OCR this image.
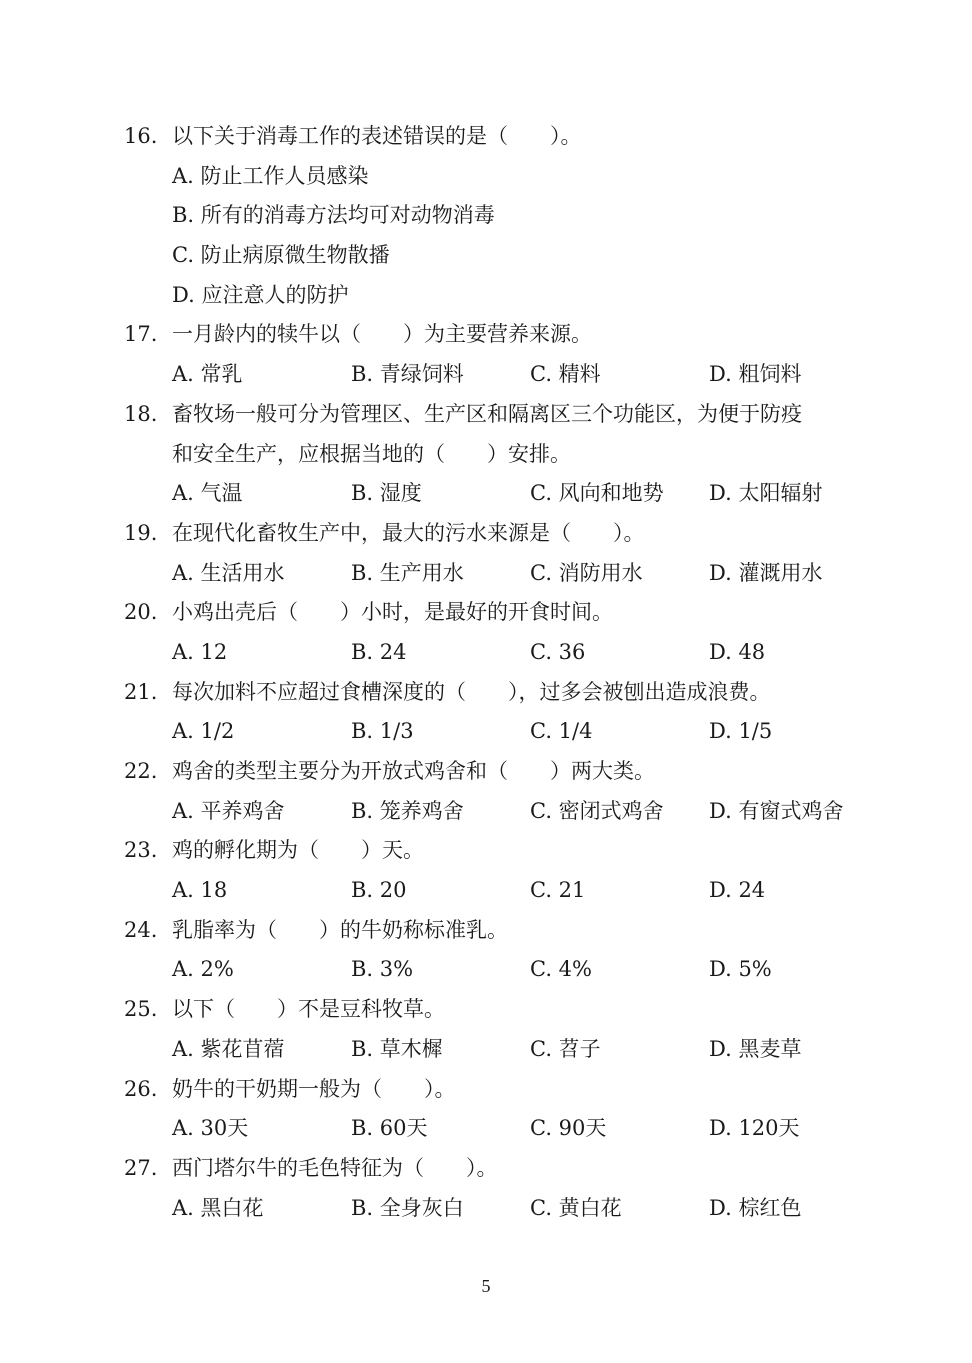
16. 以下关于消毒工作的表述错误的是（　　）。
A. 防止工作人员感染
B. 所有的消毒方法均可对动物消毒
C. 防止病原微生物散播
D. 应注意人的防护
17. 一月龄内的犊牛以（　　）为主要营养来源。
A. 常乳	B. 青绿饲料	C. 精料	D. 粗饲料
18. 畜牧场一般可分为管理区、生产区和隔离区三个功能区，为便于防疫
和安全生产，应根据当地的（　　）安排。
A. 气温	B. 湿度	C. 风向和地势	D. 太阳辐射
19. 在现代化畜牧生产中，最大的污水来源是（　　）。
A. 生活用水	B. 生产用水	C. 消防用水	D. 灌溉用水
20. 小鸡出壳后（　　）小时，是最好的开食时间。
A. 12	B. 24	C. 36	D. 48
21. 每次加料不应超过食槽深度的（　　），过多会被刨出造成浪费。
A. 1/2	B. 1/3	C. 1/4	D. 1/5
22. 鸡舍的类型主要分为开放式鸡舍和（　　）两大类。
A. 平养鸡舍	B. 笼养鸡舍	C. 密闭式鸡舍	D. 有窗式鸡舍
23. 鸡的孵化期为（　　）天。
A. 18	B. 20	C. 21	D. 24
24. 乳脂率为（　　）的牛奶称标准乳。
A. 2%	B. 3%	C. 4%	D. 5%
25. 以下（　　）不是豆科牧草。
A. 紫花苜蓿	B. 草木樨	C. 苕子	D. 黑麦草
26. 奶牛的干奶期一般为（　　）。
A. 30天	B. 60天	C. 90天	D. 120天
27. 西门塔尔牛的毛色特征为（　　）。
A. 黑白花	B. 全身灰白	C. 黄白花	D. 棕红色
5
